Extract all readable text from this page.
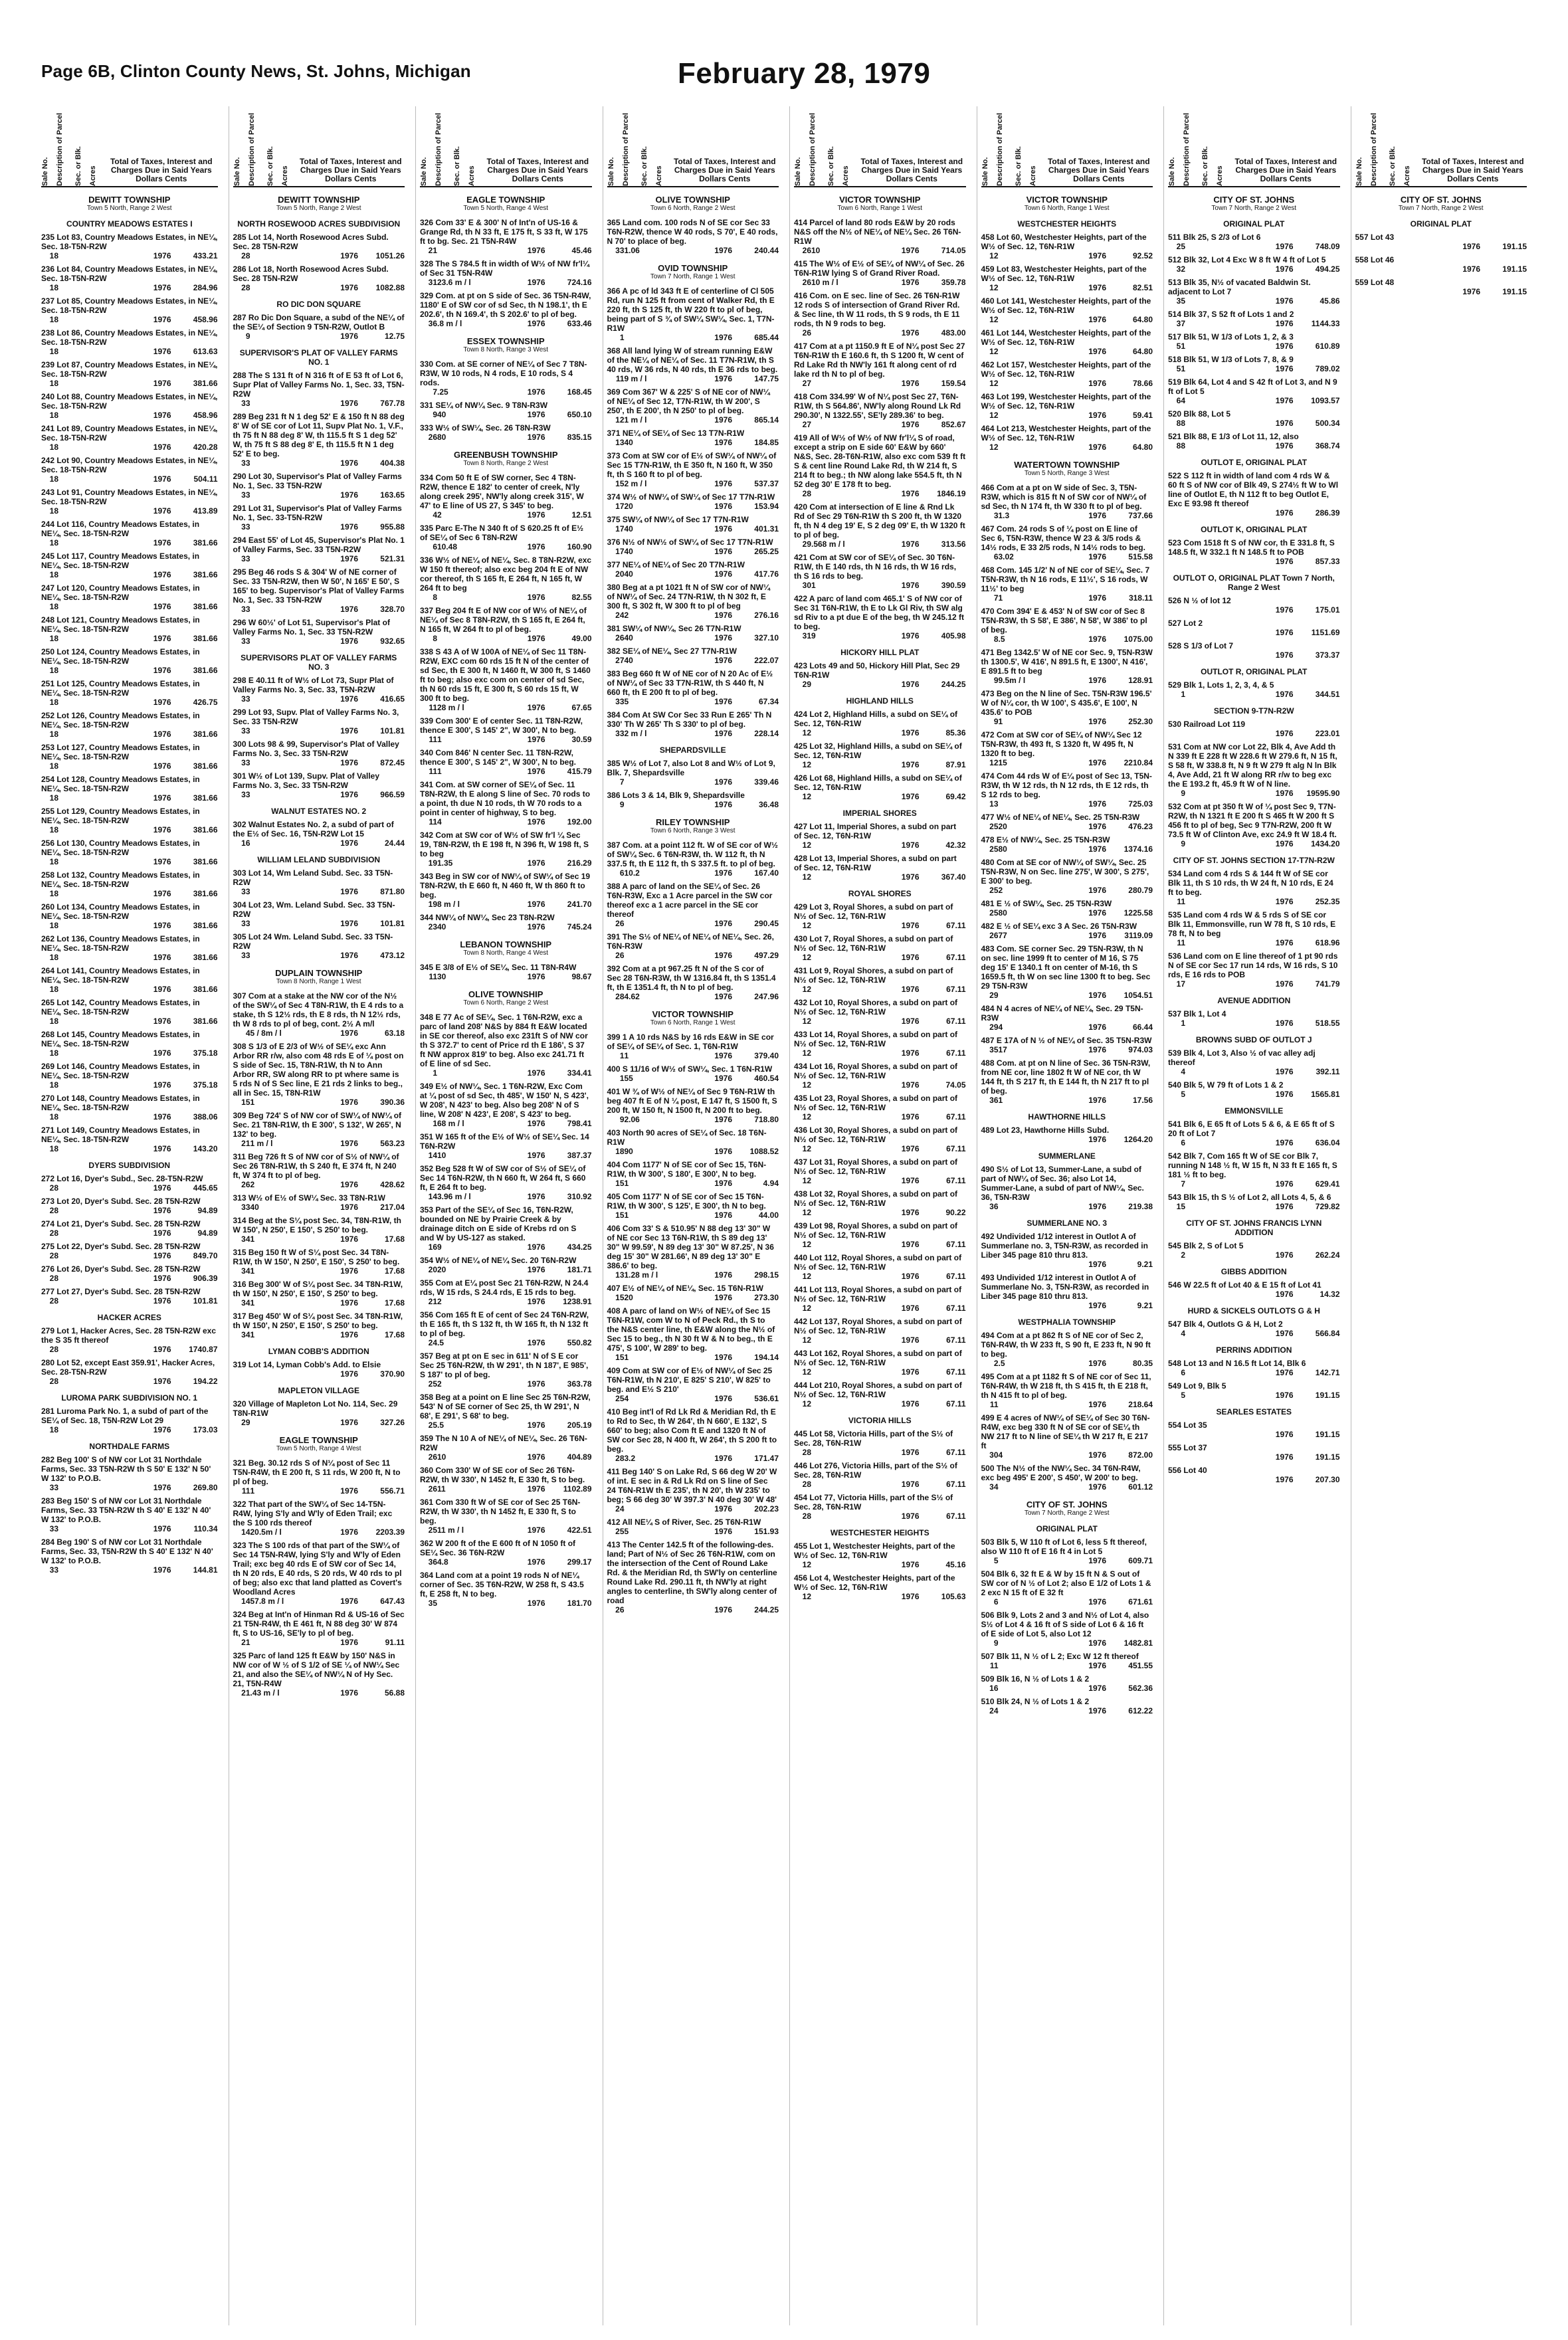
Page 6B, Clinton County News, St. Johns, Michigan	February 28, 1979
Sale No. Description of Parcel	Sec. or Blk. Acres
Total of Taxes, Interest and Charges Due in Said Years Dollars Cents
DEWITT TOWNSHIP
Town 5 North, Range 2 West
COUNTRY MEADOWS ESTATES I
235 Lot 83, Country Meadows Estates, in NE¼, Sec. 18-T5N-R2W
18	1976	433.21
236 Lot 84, Country Meadows Estates, in NE¼, Sec. 18-T5N-R2W
18	1976	284.96
237 Lot 85, Country Meadows Estates, in NE¼, Sec. 18-T5N-R2W
18	1976	458.96
238 Lot 86, Country Meadows Estates, in NE¼, Sec. 18-T5N-R2W
18	1976	613.63
239 Lot 87, Country Meadows Estates, in NE¼, Sec. 18-T5N-R2W
18	1976	381.66
240 Lot 88, Country Meadows Estates, in NE¼, Sec. 18-T5N-R2W
18	1976	458.96
241 Lot 89, Country Meadows Estates, in NE¼, Sec. 18-T5N-R2W
18	1976	420.28
242 Lot 90, Country Meadows Estates, in NE¼, Sec. 18-T5N-R2W
18	1976	504.11
243 Lot 91, Country Meadows Estates, in NE¼, Sec. 18-T5N-R2W
18	1976	413.89
244 Lot 116, Country Meadows Estates, in NE¼, Sec. 18-T5N-R2W
18	1976	381.66
245 Lot 117, Country Meadows Estates, in NE¼, Sec. 18-T5N-R2W
18	1976	381.66
247 Lot 120, Country Meadows Estates, in NE¼, Sec. 18-T5N-R2W
18	1976	381.66
248 Lot 121, Country Meadows Estates, in NE¼, Sec. 18-T5N-R2W
18	1976	381.66
250 Lot 124, Country Meadows Estates, in NE¼, Sec. 18-T5N-R2W
18	1976	381.66
251 Lot 125, Country Meadows Estates, in NE¼, Sec. 18-T5N-R2W
18	1976	426.75
252 Lot 126, Country Meadows Estates, in NE¼, Sec. 18-T5N-R2W
18	1976	381.66
253 Lot 127, Country Meadows Estates, in NE¼, Sec. 18-T5N-R2W
18	1976	381.66
254 Lot 128, Country Meadows Estates, in NE¼, Sec. 18-T5N-R2W
18	1976	381.66
255 Lot 129, Country Meadows Estates, in NE¼, Sec. 18-T5N-R2W
18	1976	381.66
256 Lot 130, Country Meadows Estates, in NE¼, Sec. 18-T5N-R2W
18	1976	381.66
258 Lot 132, Country Meadows Estates, in NE¼, Sec. 18-T5N-R2W
18	1976	381.66
260 Lot 134, Country Meadows Estates, in NE¼, Sec. 18-T5N-R2W
18	1976	381.66
262 Lot 136, Country Meadows Estates, in NE¼, Sec. 18-T5N-R2W
18	1976	381.66
264 Lot 141, Country Meadows Estates, in NE¼, Sec. 18-T5N-R2W
18	1976	381.66
265 Lot 142, Country Meadows Estates, in NE¼, Sec. 18-T5N-R2W
18	1976	381.66
268 Lot 145, Country Meadows Estates, in NE¼, Sec. 18-T5N-R2W
18	1976	375.18
269 Lot 146, Country Meadows Estates, in NE¼, Sec. 18-T5N-R2W
18	1976	375.18
270 Lot 148, Country Meadows Estates, in NE¼, Sec. 18-T5N-R2W
18	1976	388.06
271 Lot 149, Country Meadows Estates, in NE¼, Sec. 18-T5N-R2W
18	1976	143.20
DYERS SUBDIVISION
272 Lot 16, Dyer's Subd., Sec. 28-T5N-R2W
28	1976	445.65
273 Lot 20, Dyer's Subd. Sec. 28 T5N-R2W
28	1976	94.89
274 Lot 21, Dyer's Subd. Sec. 28 T5N-R2W
28	1976	94.89
275 Lot 22, Dyer's Subd. Sec. 28 T5N-R2W
28	1976	849.70
276 Lot 26, Dyer's Subd. Sec. 28 T5N-R2W
28	1976	906.39
277 Lot 27, Dyer's Subd. Sec. 28 T5N-R2W
28	1976	101.81
HACKER ACRES
279 Lot 1, Hacker Acres, Sec. 28 T5N-R2W exc the S 35 ft thereof
28	1976	1740.87
280 Lot 52, except East 359.91', Hacker Acres, Sec. 28-T5N-R2W
28	1976	194.22
LUROMA PARK SUBDIVISION NO. 1
281 Luroma Park No. 1, a subd of part of the SE¼ of Sec. 18, T5N-R2W Lot 29
18	1976	173.03
NORTHDALE FARMS
282 Beg 100' S of NW cor Lot 31 Northdale Farms, Sec. 33 T5N-R2W th S 50' E 132' N 50' W 132' to P.O.B.
33	1976	269.80
283 Beg 150' S of NW cor Lot 31 Northdale Farms, Sec. 33 T5N-R2W th S 40' E 132' N 40' W 132' to P.O.B.
33	1976	110.34
284 Beg 190' S of NW cor Lot 31 Northdale Farms, Sec. 33, T5N-R2W th S 40' E 132' N 40' W 132' to P.O.B.
33	1976	144.81
Sale No. Description of Parcel	Sec. or Blk. Acres
Total of Taxes, Interest and Charges Due in Said Years Dollars Cents
DEWITT TOWNSHIP
Town 5 North, Range 2 West
NORTH ROSEWOOD ACRES SUBDIVISION
285 Lot 14, North Rosewood Acres Subd. Sec. 28 T5N-R2W
28	1976	1051.26
286 Lot 18, North Rosewood Acres Subd. Sec. 28 T5N-R2W
28	1976	1082.88
RO DIC DON SQUARE
287 Ro Dic Don Square, a subd of the NE¼ of the SE¼ of Section 9 T5N-R2W, Outlot B
9	1976	12.75
SUPERVISOR'S PLAT OF VALLEY FARMS NO. 1
288 The S 131 ft of N 316 ft of E 53 ft of Lot 6, Supr Plat of Valley Farms No. 1, Sec. 33, T5N-R2W
33	1976	767.78
289 Beg 231 ft N 1 deg 52' E & 150 ft N 88 deg 8' W of SE cor of Lot 11, Supv Plat No. 1, V.F., th 75 ft N 88 deg 8' W, th 115.5 ft S 1 deg 52' W, th 75 ft S 88 deg 8' E, th 115.5 ft N 1 deg 52' E to beg.
33	1976	404.38
290 Lot 30, Supervisor's Plat of Valley Farms No. 1, Sec. 33 T5N-R2W
33	1976	163.65
291 Lot 31, Supervisor's Plat of Valley Farms No. 1, Sec. 33-T5N-R2W
33	1976	955.88
294 East 55' of Lot 45, Supervisor's Plat No. 1 of Valley Farms, Sec. 33 T5N-R2W
33	1976	521.31
295 Beg 46 rods S & 304' W of NE corner of Sec. 33 T5N-R2W, then W 50', N 165' E 50', S 165' to beg. Supervisor's Plat of Valley Farms No. 1, Sec. 33 T5N-R2W
33	1976	328.70
296 W 60½' of Lot 51, Supervisor's Plat of Valley Farms No. 1, Sec. 33 T5N-R2W
33	1976	932.65
SUPERVISORS PLAT OF VALLEY FARMS NO. 3
298 E 40.11 ft of W½ of Lot 73, Supr Plat of Valley Farms No. 3, Sec. 33, T5N-R2W
33	1976	416.65
299 Lot 93, Supv. Plat of Valley Farms No. 3, Sec. 33 T5N-R2W
33	1976	101.81
300 Lots 98 & 99, Supervisor's Plat of Valley Farms No. 3, Sec. 33 T5N-R2W
33	1976	872.45
301 W½ of Lot 139, Supv. Plat of Valley Farms No. 3, Sec. 33 T5N-R2W
33	1976	966.59
WALNUT ESTATES NO. 2
302 Walnut Estates No. 2, a subd of part of the E½ of Sec. 16, T5N-R2W Lot 15
16	1976	24.44
WILLIAM LELAND SUBDIVISION
303 Lot 14, Wm Leland Subd. Sec. 33 T5N-R2W
33	1976	871.80
304 Lot 23, Wm. Leland Subd. Sec. 33 T5N-R2W
33	1976	101.81
305 Lot 24 Wm. Leland Subd. Sec. 33 T5N-R2W
33	1976	473.12
DUPLAIN TOWNSHIP
Town 8 North, Range 1 West
307 Com at a stake at the NW cor of the N½ of the SW¼ of Sec 4 T8N-R1W, th E 4 rds to a stake, th S 12½ rds, th E 8 rds, th N 12½ rds, th W 8 rds to pl of beg, cont. 2½ A m/l
4 5 / 8m / l	1976	63.18
308 S 1/3 of E 2/3 of W½ of SE¼ exc Ann Arbor RR r/w, also com 48 rds E of ¼ post on S side of Sec. 15, T8N-R1W, th N to Ann Arbor RR, SW along RR to pt where same is 5 rds N of S Sec line, E 21 rds 2 links to beg., all in Sec. 15, T8N-R1W
15 1	1976	390.36
309 Beg 724' S of NW cor of SW¼ of NW¼ of Sec. 21 T8N-R1W, th E 300', S 132', W 265', N 132' to beg.
21 1 m / l	1976	563.23
311 Beg 726 ft S of NW cor of S½ of NW¼ of Sec 26 T8N-R1W, th S 240 ft, E 374 ft, N 240 ft, W 374 ft to pl of beg.
26 2	1976	428.62
313 W½ of E½ of SW¼ Sec. 33 T8N-R1W
33 40	1976	217.04
314 Beg at the S¼ post Sec. 34, T8N-R1W, th W 150', N 250', E 150', S 250' to beg.
34 1	1976	17.68
315 Beg 150 ft W of S¼ post Sec. 34 T8N-R1W, th W 150', N 250', E 150', S 250' to beg.
34 1	1976	17.68
316 Beg 300' W of S¼ post Sec. 34 T8N-R1W, th W 150', N 250', E 150', S 250' to beg.
34 1	1976	17.68
317 Beg 450' W of S¼ post Sec. 34 T8N-R1W, th W 150', N 250', E 150', S 250' to beg.
34 1	1976	17.68
LYMAN COBB'S ADDITION
319 Lot 14, Lyman Cobb's Add. to Elsie
1976	370.90
MAPLETON VILLAGE
320 Village of Mapleton Lot No. 114, Sec. 29 T8N-R1W
29	1976	327.26
EAGLE TOWNSHIP
Town 5 North, Range 4 West
321 Beg. 30.12 rds S of N¼ post of Sec 11 T5N-R4W, th E 200 ft, S 11 rds, W 200 ft, N to pl of beg.
11 1	1976	556.71
322 That part of the SW¼ of Sec 14-T5N-R4W, lying S'ly and W'ly of Eden Trail; exc the S 100 rds thereof
14 20.5m / l	1976	2203.39
323 The S 100 rds of that part of the SW¼ of Sec 14 T5N-R4W, lying S'ly and W'ly of Eden Trail; exc beg 40 rds E of SW cor of Sec 14, th N 20 rds, E 40 rds, S 20 rds, W 40 rds to pl of beg; also exc that land platted as Covert's Woodland Acres
14 57.8 m / l	1976	647.43
324 Beg at Int'n of Hinman Rd & US-16 of Sec 21 T5N-R4W, th E 461 ft, N 88 deg 30' W 874 ft, S to US-16, SE'ly to pl of beg.
21	1976	91.11
325 Parc of land 125 ft E&W by 150' N&S in NW cor of W ½ of S 1/2 of SE ¼ of NW¼ Sec 21, and also the SE¼ of NW¼ N of Hy Sec. 21, T5N-R4W
21 .43 m / l	1976	56.88
Sale No. Description of Parcel	Sec. or Blk. Acres
Total of Taxes, Interest and Charges Due in Said Years Dollars Cents
EAGLE TOWNSHIP
Town 5 North, Range 4 West
326 Com 33' E & 300' N of Int'n of US-16 & Grange Rd, th N 33 ft, E 175 ft, S 33 ft, W 175 ft to bg. Sec. 21 T5N-R4W
21	1976	45.46
328 The S 784.5 ft in width of W½ of NW fr'l¼ of Sec 31 T5N-R4W
31 23.6 m / l	1976	724.16
329 Com. at pt on S side of Sec. 36 T5N-R4W, 1180' E of SW cor of sd Sec, th N 198.1', th E 202.6', th N 169.4', th S 202.6' to pl of beg.
36 .8 m / l	1976	633.46
ESSEX TOWNSHIP
Town 8 North, Range 3 West
330 Com. at SE corner of NE¼ of Sec 7 T8N-R3W, W 10 rods, N 4 rods, E 10 rods, S 4 rods.
7 .25	1976	168.45
331 SE¼ of NW¼ Sec. 9 T8N-R3W
9 40	1976	650.10
333 W½ of SW¼, Sec. 26 T8N-R3W
26 80	1976	835.15
GREENBUSH TOWNSHIP
Town 8 North, Range 2 West
334 Com 50 ft E of SW corner, Sec 4 T8N-R2W, thence E 182' to center of creek, N'ly along creek 295', NW'ly along creek 315', W 47' to E line of US 27, S 345' to beg.
4 2	1976	12.51
335 Parc E-The N 340 ft of S 620.25 ft of E½ of SE¼ of Sec 6 T8N-R2W
6 10.48	1976	160.90
336 W½ of NE¼ of NE¼, Sec. 8 T8N-R2W, exc W 150 ft thereof; also exc beg 204 ft E of NW cor thereof, th S 165 ft, E 264 ft, N 165 ft, W 264 ft to beg
8	1976	82.55
337 Beg 204 ft E of NW cor of W½ of NE¼ of NE¼ of Sec 8 T8N-R2W, th S 165 ft, E 264 ft, N 165 ft, W 264 ft to pl of beg.
8	1976	49.00
338 S 43 A of W 100A of NE¼ of Sec 11 T8N-R2W, EXC com 60 rds 15 ft N of the center of sd Sec, th E 300 ft, N 1460 ft, W 300 ft, S 1460 ft to beg; also exc com on center of sd Sec, th N 60 rds 15 ft, E 300 ft, S 60 rds 15 ft, W 300 ft to beg.
11 28 m / l	1976	67.65
339 Com 300' E of center Sec. 11 T8N-R2W, thence E 300', S 145' 2", W 300', N to beg.
11 1	1976	30.59
340 Com 846' N center Sec. 11 T8N-R2W, thence E 300', S 145' 2", W 300', N to beg.
11 1	1976	415.79
341 Com. at SW corner of SE¼ of Sec. 11 T8N-R2W, th E along S line of Sec. 70 rods to a point, th due N 10 rods, th W 70 rods to a point in center of highway, S to beg.
11 4	1976	192.00
342 Com at SW cor of W½ of SW fr'l ¼ Sec 19, T8N-R2W, th E 198 ft, N 396 ft, W 198 ft, S to beg
19 1.35	1976	216.29
343 Beg in SW cor of NW¼ of SW¼ of Sec 19 T8N-R2W, th E 660 ft, N 460 ft, W th 860 ft to beg.
19 8 m / l	1976	241.70
344 NW¼ of NW¼, Sec 23 T8N-R2W
23 40	1976	745.24
LEBANON TOWNSHIP
Town 8 North, Range 4 West
345 E 3/8 of E½ of SE¼, Sec. 11 T8N-R4W
11 30	1976	98.67
OLIVE TOWNSHIP
Town 6 North, Range 2 West
348 E 77 Ac of SE¼, Sec. 1 T6N-R2W, exc a parc of land 208' N&S by 884 ft E&W located in SE cor thereof, also exc 231ft S of NW cor th S 372.7' to cent of Price rd th E 186', S 37 ft NW approx 819' to beg. Also exc 241.71 ft of E line of sd Sec.
1	1976	334.41
349 E½ of NW¼, Sec. 1 T6N-R2W, Exc Com at ¼ post of sd Sec, th 485', W 150' N, S 423', W 208', N 423' to beg. Also beg 208' N of S line, W 208' N 423', E 208', S 423' to beg.
1 68 m / l	1976	798.41
351 W 165 ft of the E½ of W½ of SE¼ Sec. 14 T6N-R2W
14 10	1976	387.37
352 Beg 528 ft W of SW cor of S½ of SE¼ of Sec 14 T6N-R2W, th N 660 ft, W 264 ft, S 660 ft, E 264 ft to beg.
14 3.96 m / l	1976	310.92
353 Part of the SE¼ of Sec 16, T6N-R2W, bounded on NE by Prairie Creek & by drainage ditch on E side of Krebs rd on S and W by US-127 as staked.
16 9	1976	434.25
354 W½ of NE¼ of NE¼ Sec. 20 T6N-R2W
20 20	1976	181.71
355 Com at E¼ post Sec 21 T6N-R2W, N 24.4 rds, W 15 rds, S 24.4 rds, E 15 rds to beg.
21 2	1976	1238.91
356 Com 165 ft E of cent of Sec 24 T6N-R2W, th E 165 ft, th S 132 ft, th W 165 ft, th N 132 ft to pl of beg.
24 .5	1976	550.82
357 Beg at pt on E sec in 611' N of S E cor Sec 25 T6N-R2W, th W 291', th N 187', E 985', S 187' to pl of beg.
25 2	1976	363.78
358 Beg at a point on E line Sec 25 T6N-R2W, 543' N of SE corner of Sec 25, th W 291', N 68', E 291', S 68' to beg.
25 .5	1976	205.19
359 The N 10 A of NE¼ of NE¼, Sec. 26 T6N-R2W
26 10	1976	404.89
360 Com 330' W of SE cor of Sec 26 T6N-R2W, th W 330', N 1452 ft, E 330 ft, S to beg.
26 11	1976	1102.89
361 Com 330 ft W of SE cor of Sec 25 T6N-R2W, th W 330', th N 1452 ft, E 330 ft, S to beg.
25 11 m / l	1976	422.51
362 W 200 ft of the E 600 ft of N 1050 ft of SE¼ Sec. 36 T6N-R2W
36 4.8	1976	299.17
364 Land com at a point 19 rods N of NE¼ corner of Sec. 35 T6N-R2W, W 258 ft, S 43.5 ft, E 258 ft, N to beg.
35	1976	181.70
Sale No. Description of Parcel	Sec. or Blk. Acres
Total of Taxes, Interest and Charges Due in Said Years Dollars Cents
OLIVE TOWNSHIP
Town 6 North, Range 2 West
365 Land com. 100 rods N of SE cor Sec 33 T6N-R2W, thence W 40 rods, S 70', E 40 rods, N 70' to place of beg.
33 1.06	1976	240.44
OVID TOWNSHIP
Town 7 North, Range 1 West
366 A pc of ld 343 ft E of centerline of Cl 505 Rd, run N 125 ft from cent of Walker Rd, th E 220 ft, th S 125 ft, th W 220 ft to pl of beg, being part of S ¾ of SW¼ SW¼, Sec. 1, T7N-R1W
1	1976	685.44
368 All land lying W of stream running E&W of the NE¼ of NE¼ of Sec. 11 T7N-R1W, th S 40 rds, W 36 rds, N 40 rds, th E 36 rds to beg.
11 9 m / l	1976	147.75
369 Com 367' W & 225' S of NE cor of NW¼ of NE¼ of Sec 12, T7N-R1W, th W 200', S 250', th E 200', th N 250' to pl of beg.
12 1 m / l	1976	865.14
371 NE¼ of SE¼ of Sec 13 T7N-R1W
13 40	1976	184.85
373 Com at SW cor of E½ of SW¼ of NW¼ of Sec 15 T7N-R1W, th E 350 ft, N 160 ft, W 350 ft, th S 160 ft to pl of beg.
15 2 m / l	1976	537.37
374 W½ of NW¼ of SW¼ of Sec 17 T7N-R1W
17 20	1976	153.94
375 SW¼ of NW¼ of Sec 17 T7N-R1W
17 40	1976	401.31
376 N½ of NW½ of SW¼ of Sec 17 T7N-R1W
17 40	1976	265.25
377 NE¼ of NE¼ of Sec 20 T7N-R1W
20 40	1976	417.76
380 Beg at a pt 1021 ft N of SW cor of NW¼ of NW¼ of Sec. 24 T7N-R1W, th N 302 ft, E 300 ft, S 302 ft, W 300 ft to pl of beg
24 2	1976	276.16
381 SW¼ of NW¼, Sec 26 T7N-R1W
26 40	1976	327.10
382 SE¼ of NE¼, Sec 27 T7N-R1W
27 40	1976	222.07
383 Beg 660 ft W of NE cor of N 20 Ac of E½ of NW¼ of Sec 33 T7N-R1W, th S 440 ft, N 660 ft, th E 200 ft to pl of beg.
33 5	1976	67.34
384 Com At SW Cor Sec 33 Run E 265' Th N 330' Th W 265' Th S 330' to pl of beg.
33 2 m / l	1976	228.14
SHEPARDSVILLE
385 W½ of Lot 7, also Lot 8 and W½ of Lot 9, Blk. 7, Shepardsville
7	1976	339.46
386 Lots 3 & 14, Blk 9, Shepardsville
9	1976	36.48
RILEY TOWNSHIP
Town 6 North, Range 3 West
387 Com. at a point 112 ft. W of SE cor of W½ of SW¼ Sec. 6 T6N-R3W, th. W 112 ft, th N 337.5 ft, th E 112 ft, th S 337.5 ft. to pl of beg.
6 10.2	1976	167.40
388 A parc of land on the SE¼ of Sec. 26 T6N-R3W, Exc a 1 Acre parcel in the SW cor thereof exc a 1 acre parcel in the SE cor thereof
26	1976	290.45
391 The S½ of NE¼ of NE¼ of NE¼, Sec. 26, T6N-R3W
26	1976	497.29
392 Com at a pt 967.25 ft N of the S cor of Sec 28 T6N-R3W, th W 1316.84 ft, th S 1351.4 ft, th E 1351.4 ft, th N to pl of beg.
28 4.62	1976	247.96
VICTOR TOWNSHIP
Town 6 North, Range 1 West
399 1 A 10 rds N&S by 16 rds E&W in SE cor of SE¼ of SE¼ of Sec. 1, T6N-R1W
1 1	1976	379.40
400 S 11/16 of W½ of SW¼, Sec. 1 T6N-R1W
1 55	1976	460.54
401 W ¾ of W½ of NE¼ of Sec 9 T6N-R1W th beg 407 ft E of N ¼ post, E 147 ft, S 1500 ft, S 200 ft, W 150 ft, N 1500 ft, N 200 ft to beg.
9 2.06	1976	718.80
403 North 90 acres of SE¼ of Sec. 18 T6N-R1W
18 90	1976	1088.52
404 Com 1177' N of SE cor of Sec 15, T6N-R1W, th W 300', S 180', E 300', N to beg.
15 1	1976	4.94
405 Com 1177' N of SE cor of Sec 15 T6N-R1W, th W 300', S 125', E 300', th N to beg.
15 1	1976	44.00
406 Com 33' S & 510.95' N 88 deg 13' 30" W of NE cor Sec 13 T6N-R1W, th S 89 deg 13' 30" W 99.59', N 89 deg 13' 30" W 87.25', N 36 deg 15' 30" W 281.66', N 89 deg 13' 30" E 386.6' to beg.
13 1.28 m / l	1976	298.15
407 E½ of NE¼ of NE¼, Sec. 15 T6N-R1W
15 20	1976	273.30
408 A parc of land on W½ of NE¼ of Sec 15 T6N-R1W, com W to N of Peck Rd., th S to the N&S center line, th E&W along the N½ of Sec 15 to beg., th N 30 ft W & N to beg., th E 475', S 100', W 289' to beg.
15 1	1976	194.14
409 Com at SW cor of E½ of NW¼ of Sec 25 T6N-R1W, th N 210', E 825' S 210', W 825' to beg. and E½ S 210'
25 4	1976	536.61
410 Beg int'l of Rd Lk Rd & Meridian Rd, th E to Rd to Sec, th W 264', th N 660', E 132', S 660' to beg; also Com ft E and 1320 ft N of SW cor Sec 28, N 400 ft, W 264', th S 200 ft to beg.
28 3.2	1976	171.47
411 Beg 140' S on Lake Rd, S 66 deg W 20' W of int. E sec in & Rd Lk Rd on S line of Sec 24 T6N-R1W th E 235', th N 20', th W 235' to beg; S 66 deg 30' W 397.3' N 40 deg 30' W 48'
24	1976	202.23
412 All NE¼ S of River, Sec. 25 T6N-R1W
25 5	1976	151.93
413 The Center 142.5 ft of the following-des. land; Part of N½ of Sec 26 T6N-R1W, com on the intersection of the Cent of Round Lake Rd. & the Meridian Rd, th SW'ly on centerline Round Lake Rd. 290.11 ft, th NW'ly at right angles to centerline, th SW'ly along center of road
26	1976	244.25
Sale No. Description of Parcel	Sec. or Blk. Acres
Total of Taxes, Interest and Charges Due in Said Years Dollars Cents
VICTOR TOWNSHIP
Town 6 North, Range 1 West
414 Parcel of land 80 rods E&W by 20 rods N&S off the N½ of NE¼ of NE¼ Sec. 26 T6N-R1W
26 10	1976	714.05
415 The W½ of E½ of SE¼ of NW¼ of Sec. 26 T6N-R1W lying S of Grand River Road.
26 10 m / l	1976	359.78
416 Com. on E sec. line of Sec. 26 T6N-R1W 12 rods S of intersection of Grand River Rd. & Sec line, th W 11 rods, th S 9 rods, th E 11 rods, th N 9 rods to beg.
26	1976	483.00
417 Com at a pt 1150.9 ft E of N¼ post Sec 27 T6N-R1W th E 160.6 ft, th S 1200 ft, W cent of Rd Lake Rd th NW'ly 161 ft along cent of rd lake rd th N to pl of beg.
27	1976	159.54
418 Com 334.99' W of N¼ post Sec 27, T6N-R1W, th S 564.86', NW'ly along Round Lk Rd 290.30', N 1322.55', SE'ly 289.36' to beg.
27	1976	852.67
419 All of W½ of W½ of NW fr'l¼ S of road, except a strip on E side 60' E&W by 660' N&S, Sec. 28-T6N-R1W, also exc com 539 ft ft S & cent line Round Lake Rd, th W 214 ft, S 214 ft to beg.; th NW along lake 554.5 ft, th N 52 deg 30' E 178 ft to beg.
28	1976	1846.19
420 Com at intersection of E line & Rnd Lk Rd of Sec 29 T6N-R1W th S 200 ft, th W 1320 ft, th N 4 deg 19' E, S 2 deg 09' E, th W 1320 ft to pl of beg.
29 .568 m / l	1976	313.56
421 Com at SW cor of SE¼ of Sec. 30 T6N-R1W, th E 140 rds, th N 16 rds, th W 16 rds, th S 16 rds to beg.
30 1	1976	390.59
422 A parc of land com 465.1' S of NW cor of Sec 31 T6N-R1W, th E to Lk Gl Riv, th SW alg sd Riv to a pt due E of the beg, th W 245.12 ft to beg.
31 9	1976	405.98
HICKORY HILL PLAT
423 Lots 49 and 50, Hickory Hill Plat, Sec 29 T6N-R1W
29	1976	244.25
HIGHLAND HILLS
424 Lot 2, Highland Hills, a subd on SE¼ of Sec. 12, T6N-R1W
12	1976	85.36
425 Lot 32, Highland Hills, a subd on SE¼ of Sec. 12, T6N-R1W
12	1976	87.91
426 Lot 68, Highland Hills, a subd on SE¼ of Sec. 12, T6N-R1W
12	1976	69.42
IMPERIAL SHORES
427 Lot 11, Imperial Shores, a subd on part of Sec. 12, T6N-R1W
12	1976	42.32
428 Lot 13, Imperial Shores, a subd on part of Sec. 12, T6N-R1W
12	1976	367.40
ROYAL SHORES
429 Lot 3, Royal Shores, a subd on part of N½ of Sec. 12, T6N-R1W
12	1976	67.11
430 Lot 7, Royal Shores, a subd on part of N½ of Sec. 12, T6N-R1W
12	1976	67.11
431 Lot 9, Royal Shores, a subd on part of N½ of Sec. 12, T6N-R1W
12	1976	67.11
432 Lot 10, Royal Shores, a subd on part of N½ of Sec. 12, T6N-R1W
12	1976	67.11
433 Lot 14, Royal Shores, a subd on part of N½ of Sec. 12, T6N-R1W
12	1976	67.11
434 Lot 16, Royal Shores, a subd on part of N½ of Sec. 12, T6N-R1W
12	1976	74.05
435 Lot 23, Royal Shores, a subd on part of N½ of Sec. 12, T6N-R1W
12	1976	67.11
436 Lot 30, Royal Shores, a subd on part of N½ of Sec. 12, T6N-R1W
12	1976	67.11
437 Lot 31, Royal Shores, a subd on part of N½ of Sec. 12, T6N-R1W
12	1976	67.11
438 Lot 32, Royal Shores, a subd on part of N½ of Sec. 12, T6N-R1W
12	1976	90.22
439 Lot 98, Royal Shores, a subd on part of N½ of Sec. 12, T6N-R1W
12	1976	67.11
440 Lot 112, Royal Shores, a subd on part of N½ of Sec. 12, T6N-R1W
12	1976	67.11
441 Lot 113, Royal Shores, a subd on part of N½ of Sec. 12, T6N-R1W
12	1976	67.11
442 Lot 137, Royal Shores, a subd on part of N½ of Sec. 12, T6N-R1W
12	1976	67.11
443 Lot 162, Royal Shores, a subd on part of N½ of Sec. 12, T6N-R1W
12	1976	67.11
444 Lot 210, Royal Shores, a subd on part of N½ of Sec. 12, T6N-R1W
12	1976	67.11
VICTORIA HILLS
445 Lot 58, Victoria Hills, part of the S½ of Sec. 28, T6N-R1W
28	1976	67.11
446 Lot 276, Victoria Hills, part of the S½ of Sec. 28, T6N-R1W
28	1976	67.11
454 Lot 77, Victoria Hills, part of the S½ of Sec. 28, T6N-R1W
28	1976	67.11
WESTCHESTER HEIGHTS
455 Lot 1, Westchester Heights, part of the W½ of Sec. 12, T6N-R1W
12	1976	45.16
456 Lot 4, Westchester Heights, part of the W½ of Sec. 12, T6N-R1W
12	1976	105.63
Sale No. Description of Parcel	Sec. or Blk. Acres
Total of Taxes, Interest and Charges Due in Said Years Dollars Cents
VICTOR TOWNSHIP
Town 6 North, Range 1 West
WESTCHESTER HEIGHTS
458 Lot 60, Westchester Heights, part of the W½ of Sec. 12, T6N-R1W
12	1976	92.52
459 Lot 83, Westchester Heights, part of the W½ of Sec. 12, T6N-R1W
12	1976	82.51
460 Lot 141, Westchester Heights, part of the W½ of Sec. 12, T6N-R1W
12	1976	64.80
461 Lot 144, Westchester Heights, part of the W½ of Sec. 12, T6N-R1W
12	1976	64.80
462 Lot 157, Westchester Heights, part of the W½ of Sec. 12, T6N-R1W
12	1976	78.66
463 Lot 199, Westchester Heights, part of the W½ of Sec. 12, T6N-R1W
12	1976	59.41
464 Lot 213, Westchester Heights, part of the W½ of Sec. 12, T6N-R1W
12	1976	64.80
WATERTOWN TOWNSHIP
Town 5 North, Range 3 West
466 Com at a pt on W side of Sec. 3, T5N-R3W, which is 815 ft N of SW cor of NW¼ of sd Sec, th N 174 ft, th W 330 ft to pl of beg.
3 1.3	1976	737.66
467 Com. 24 rods S of ¼ post on E line of Sec 6, T5N-R3W, thence W 23 & 3/5 rods & 14½ rods, E 33 2/5 rods, N 14½ rods to beg.
6 3.02	1976	515.58
468 Com. 145 1/2' N of NE cor of SE¼, Sec. 7 T5N-R3W, th N 16 rods, E 11½', S 16 rods, W 11½' to beg
7 1	1976	318.11
470 Com 394' E & 453' N of SW cor of Sec 8 T5N-R3W, th S 58', E 386', N 58', W 386' to pl of beg.
8 .5	1976	1075.00
471 Beg 1342.5' W of NE cor Sec. 9, T5N-R3W th 1300.5', W 416', N 891.5 ft, E 1300', N 416', E 891.5 ft to beg
9 9.5m / l	1976	128.91
473 Beg on the N line of Sec. T5N-R3W 196.5' W of N¼ cor, th W 100', S 435.6', E 100', N 435.6' to POB
9 1	1976	252.30
472 Com at SW cor of SE¼ of NW¼ Sec 12 T5N-R3W, th 493 ft, S 1320 ft, W 495 ft, N 1320 ft to beg.
12 15	1976	2210.84
474 Com 44 rds W of E¼ post of Sec 13, T5N-R3W, th W 12 rds, th N 12 rds, th E 12 rds, th S 12 rds to beg.
13	1976	725.03
477 W½ of NE¼ of NE¼, Sec. 25 T5N-R3W
25 20	1976	476.23
478 E½ of NW¼, Sec. 25 T5N-R3W
25 80	1976	1374.16
480 Com at SE cor of NW¼ of SW¼, Sec. 25 T5N-R3W, N on Sec. line 275', W 300', S 275', E 300' to beg.
25 2	1976	280.79
481 E ½ of SW¼, Sec. 25 T5N-R3W
25 80	1976	1225.58
482 E ½ of SE¼ exc 3 A Sec. 26 T5N-R3W
26 77	1976	3119.09
483 Com. SE corner Sec. 29 T5N-R3W, th N on sec. line 1999 ft to center of M 16, S 75 deg 15' E 1340.1 ft on center of M-16, th S 1659.5 ft, th W on sec line 1300 ft to beg. Sec 29 T5N-R3W
29	1976	1054.51
484 N 4 acres of NE¼ of NE¼, Sec. 29 T5N-R3W
29 4	1976	66.44
487 E 17A of N ½ of NE¼ of Sec. 35 T5N-R3W
35 17	1976	974.03
488 Com. at pt on N line of Sec. 36 T5N-R3W, from NE cor, line 1802 ft W of NE cor, th W 144 ft, th S 217 ft, th E 144 ft, th N 217 ft to pl of beg.
36 1	1976	17.56
HAWTHORNE HILLS
489 Lot 23, Hawthorne Hills Subd.
1976	1264.20
SUMMERLANE
490 S½ of Lot 13, Summer-Lane, a subd of part of NW¼ of Sec. 36; also Lot 14, Summer-Lane, a subd of part of NW¼, Sec. 36, T5N-R3W
36	1976	219.38
SUMMERLANE NO. 3
492 Undivided 1/12 interest in Outlot A of Summerlane no. 3, T5N-R3W, as recorded in Liber 345 page 810 thru 813.
1976	9.21
493 Undivided 1/12 interest in Outlot A of Summerlane No. 3, T5N-R3W, as recorded in Liber 345 page 810 thru 813.
1976	9.21
WESTPHALIA TOWNSHIP
494 Com at a pt 862 ft S of NE cor of Sec 2, T6N-R4W, th W 233 ft, S 90 ft, E 233 ft, N 90 ft to beg.
2 .5	1976	80.35
495 Com at a pt 1182 ft S of NE cor of Sec 11, T6N-R4W, th W 218 ft, th S 415 ft, th E 218 ft, th N 415 ft to pl of beg.
11	1976	218.64
499 E 4 acres of NW¼ of SE¼ of Sec 30 T6N-R4W, exc beg 330 ft N of SE cor of SE¼ th NW 217 ft to N line of SE¼ th W 217 ft, E 217 ft
30 4	1976	872.00
500 The N½ of the NW¼ Sec. 34 T6N-R4W, exc beg 495' E 200', S 450', W 200' to beg.
34	1976	601.12
CITY OF ST. JOHNS
Town 7 North, Range 2 West
ORIGINAL PLAT
503 Blk 5, W 110 ft of Lot 6, less 5 ft thereof, also W 110 ft of E 16 ft 4 in Lot 5
5	1976	609.71
504 Blk 6, 32 ft E & W by 15 ft N & S out of SW cor of N ½ of Lot 2; also E 1/2 of Lots 1 & 2 exc N 15 ft of E 32 ft
6	1976	671.61
506 Blk 9, Lots 2 and 3 and N½ of Lot 4, also S½ of Lot 4 & 16 ft of S side of Lot 6 & 16 ft of E side of Lot 5, also Lot 12
9	1976	1482.81
507 Blk 11, N ½ of L 2; Exc W 12 ft thereof
11	1976	451.55
509 Blk 16, N ½ of Lots 1 & 2
16	1976	562.36
510 Blk 24, N ½ of Lots 1 & 2
24	1976	612.22
Sale No. Description of Parcel	Sec. or Blk. Acres
Total of Taxes, Interest and Charges Due in Said Years Dollars Cents
CITY OF ST. JOHNS
Town 7 North, Range 2 West
ORIGINAL PLAT
511 Blk 25, S 2/3 of Lot 6
25	1976	748.09
512 Blk 32, Lot 4 Exc W 8 ft W 4 ft of Lot 5
32	1976	494.25
513 Blk 35, N½ of vacated Baldwin St. adjacent to Lot 7
35	1976	45.86
514 Blk 37, S 52 ft of Lots 1 and 2
37	1976	1144.33
517 Blk 51, W 1/3 of Lots 1, 2, & 3
51	1976	610.89
518 Blk 51, W 1/3 of Lots 7, 8, & 9
51	1976	789.02
519 Blk 64, Lot 4 and S 42 ft of Lot 3, and N 9 ft of Lot 5
64	1976	1093.57
520 Blk 88, Lot 5
88	1976	500.34
521 Blk 88, E 1/3 of Lot 11, 12, also
88	1976	368.74
OUTLOT E, ORIGINAL PLAT
522 S 112 ft in width of land com 4 rds W & 60 ft S of NW cor of Blk 49, S 274½ ft W to Wl line of Outlot E, th N 112 ft to beg Outlot E, Exc E 93.98 ft thereof
1976	286.39
OUTLOT K, ORIGINAL PLAT
523 Com 1518 ft S of NW cor, th E 331.8 ft, S 148.5 ft, W 332.1 ft N 148.5 ft to POB
1976	857.33
OUTLOT O, ORIGINAL PLAT Town 7 North, Range 2 West
526 N ½ of lot 12
1976	175.01
527 Lot 2
1976	1151.69
528 S 1/3 of Lot 7
1976	373.37
OUTLOT R, ORIGINAL PLAT
529 Blk 1, Lots 1, 2, 3, 4, & 5
1	1976	344.51
SECTION 9-T7N-R2W
530 Railroad Lot 119
1976	223.01
531 Com at NW cor Lot 22, Blk 4, Ave Add th N 339 ft E 228 ft W 228.6 ft W 279.6 ft, N 15 ft, S 58 ft, W 338.8 ft, N 9 ft W 279 ft alg N ln Blk 4, Ave Add, 21 ft W along RR r/w to beg exc the E 193.2 ft, 45.9 ft W of N line.
9	1976	19595.90
532 Com at pt 350 ft W of ¼ post Sec 9, T7N-R2W, th N 1321 ft E 200 ft S 465 ft W 200 ft S 456 ft to pl of beg, Sec 9 T7N-R2W, 200 ft W 73.5 ft W of Clinton Ave, exc 24.9 ft W 18.4 ft.
9	1976	1434.20
CITY OF ST. JOHNS SECTION 17-T7N-R2W
534 Land com 4 rds S & 144 ft W of SE cor Blk 11, th S 10 rds, th W 24 ft, N 10 rds, E 24 ft to beg.
11	1976	252.35
535 Land com 4 rds W & 5 rds S of SE cor Blk 11, Emmonsville, run W 78 ft, S 10 rds, E 78 ft, N to beg
11	1976	618.96
536 Land com on E line thereof of 1 pt 90 rds N of SE cor Sec 17 run 14 rds, W 16 rds, S 10 rds, E 16 rds to POB
17	1976	741.79
AVENUE ADDITION
537 Blk 1, Lot 4
1	1976	518.55
BROWNS SUBD OF OUTLOT J
539 Blk 4, Lot 3, Also ½ of vac alley adj thereof
4	1976	392.11
540 Blk 5, W 79 ft of Lots 1 & 2
5	1976	1565.81
EMMONSVILLE
541 Blk 6, E 65 ft of Lots 5 & 6, & E 65 ft of S 20 ft of Lot 7
6	1976	636.04
542 Blk 7, Com 165 ft W of SE cor Blk 7, running N 148 ½ ft, W 15 ft, N 33 ft E 165 ft, S 181 ½ ft to beg.
7	1976	629.41
543 Blk 15, th S ½ of Lot 2, all Lots 4, 5, & 6
15	1976	729.82
CITY OF ST. JOHNS FRANCIS LYNN ADDITION
545 Blk 2, S of Lot 5
2	1976	262.24
GIBBS ADDITION
546 W 22.5 ft of Lot 40 & E 15 ft of Lot 41
1976	14.32
HURD & SICKELS OUTLOTS G & H
547 Blk 4, Outlots G & H, Lot 2
4	1976	566.84
PERRINS ADDITION
548 Lot 13 and N 16.5 ft Lot 14, Blk 6
6	1976	142.71
549 Lot 9, Blk 5
5	1976	191.15
SEARLES ESTATES
554 Lot 35
1976	191.15
555 Lot 37
1976	191.15
556 Lot 40
1976	207.30
Sale No. Description of Parcel	Sec. or Blk. Acres
Total of Taxes, Interest and Charges Due in Said Years Dollars Cents
CITY OF ST. JOHNS
Town 7 North, Range 2 West
ORIGINAL PLAT
557 Lot 43
1976	191.15
558 Lot 46
1976	191.15
559 Lot 48
1976	191.15
